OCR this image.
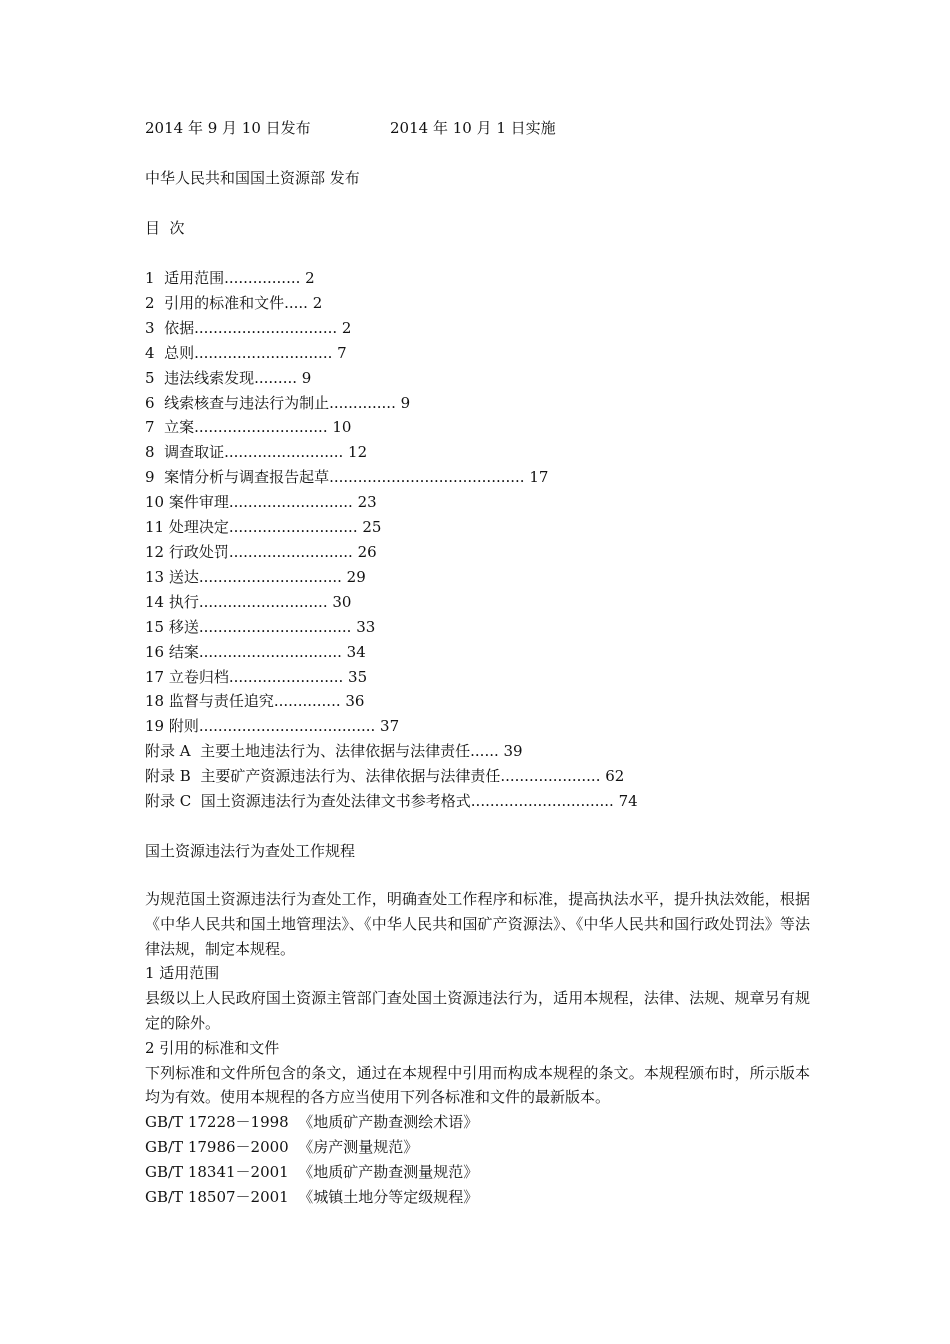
2014 年 9 月 10 日发布	2014 年 10 月 1 日实施
中华人民共和国国土资源部 发布
目  次
1  适用范围................ 2
2  引用的标准和文件..... 2
3  依据.............................. 2
4  总则............................. 7
5  违法线索发现......... 9
6  线索核查与违法行为制止.............. 9
7  立案............................ 10
8  调查取证......................... 12
9  案情分析与调查报告起草......................................... 17
10 案件审理.......................... 23
11 处理决定........................... 25
12 行政处罚.......................... 26
13 送达.............................. 29
14 执行........................... 30
15 移送................................ 33
16 结案.............................. 34
17 立卷归档........................ 35
18 监督与责任追究.............. 36
19 附则..................................... 37
附录 A  主要土地违法行为、法律依据与法律责任...... 39
附录 B  主要矿产资源违法行为、法律依据与法律责任..................... 62
附录 C  国土资源违法行为查处法律文书参考格式.............................. 74
国土资源违法行为查处工作规程

为规范国土资源违法行为查处工作，明确查处工作程序和标准，提高执法水平，提升执法效能，根据《中华人民共和国土地管理法》、《中华人民共和国矿产资源法》、《中华人民共和国行政处罚法》等法律法规，制定本规程。

1 适用范围

县级以上人民政府国土资源主管部门查处国土资源违法行为，适用本规程，法律、法规、规章另有规定的除外。

2 引用的标准和文件

下列标准和文件所包含的条文，通过在本规程中引用而构成本规程的条文。本规程颁布时，所示版本均为有效。使用本规程的各方应当使用下列各标准和文件的最新版本。

GB/T 17228－1998  《地质矿产勘查测绘术语》

GB/T 17986－2000  《房产测量规范》

GB/T 18341－2001  《地质矿产勘查测量规范》

GB/T 18507－2001  《城镇土地分等定级规程》
